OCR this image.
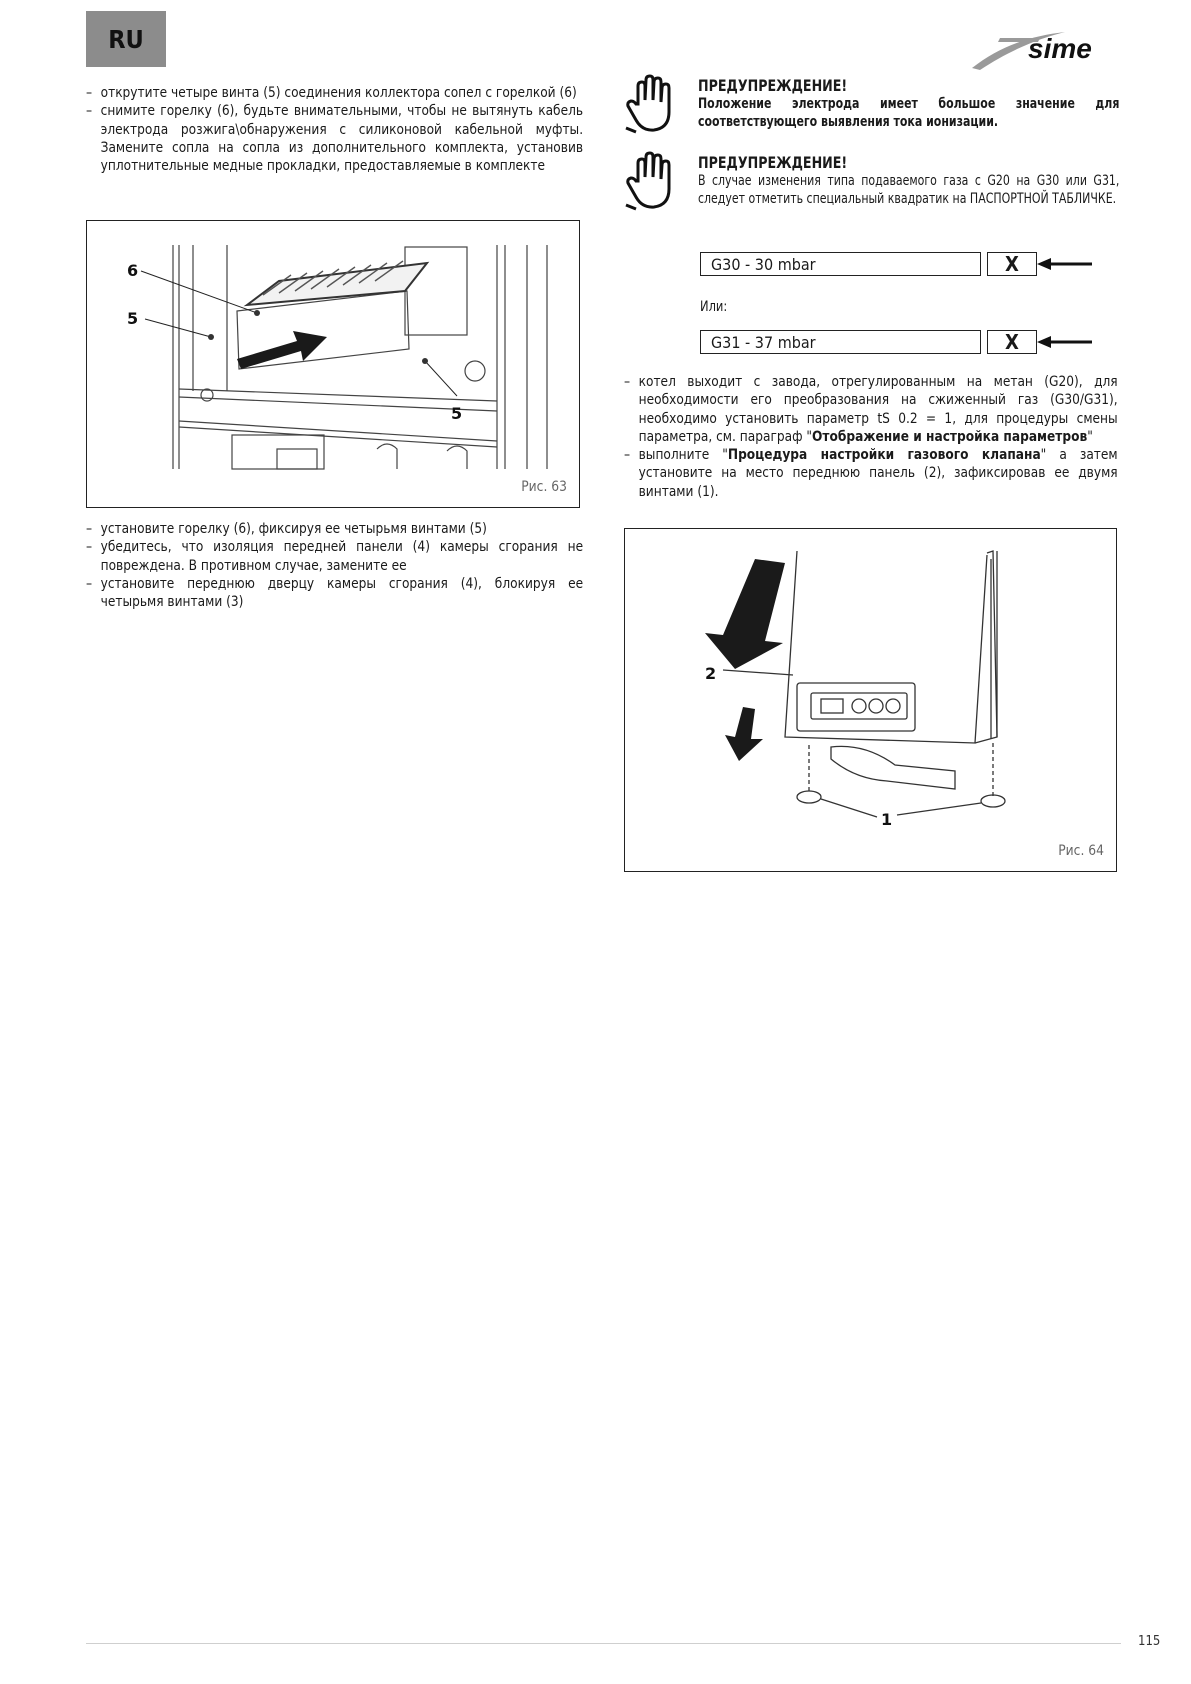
RU	sime
– открутите четыре винта (5) соединения коллектора сопел с горелкой (6)
– снимите горелку (6), будьте внимательными, чтобы не вытянуть кабель электрода розжига\обнаружения с силиконовой кабельной муфты. Замените сопла на сопла из дополнительного комплекта, установив уплотнительные медные прокладки, предоставляемые в комплекте
6
5
5
Рис. 63
– установите горелку (6), фиксируя ее четырьмя винтами (5)
– убедитесь, что изоляция передней панели (4) камеры сгорания не повреждена. В противном случае, замените ее
– установите переднюю дверцу камеры сгорания (4), блокируя ее четырьмя винтами (3)
ПРЕДУПРЕЖДЕНИЕ!
Положение электрода имеет большое значение для соответствующего выявления тока ионизации.
ПРЕДУПРЕЖДЕНИЕ!
В случае изменения типа подаваемого газа с G20 на G30 или G31, следует отметить специальный квадратик на ПАСПОРТНОЙ ТАБЛИЧКЕ.
G30 - 30 mbar	X
Или:
G31 - 37 mbar	X
– котел выходит с завода, отрегулированным на метан (G20), для необходимости его преобразования на сжиженный газ (G30/G31), необходимо установить параметр tS 0.2 = 1, для процедуры смены параметра, см. параграф "Отображение и настройка параметров"
– выполните "Процедура настройки газового клапана" а затем установите на место переднюю панель (2), зафиксировав ее двумя винтами (1).
2
1
Рис. 64
115
